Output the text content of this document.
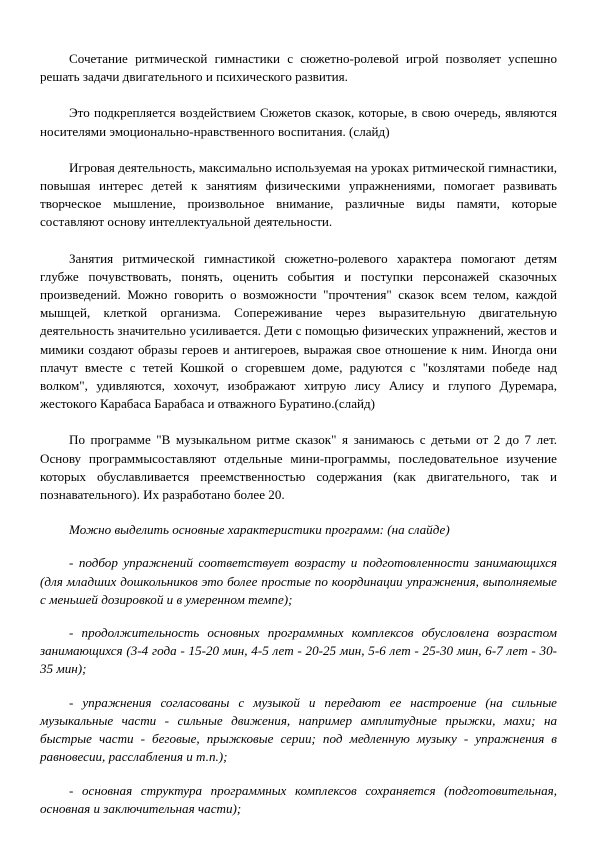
Сочетание ритмической гимнастики с сюжетно-ролевой игрой позволяет успешно решать задачи двигательного и психического развития.

Это подкрепляется воздействием Сюжетов сказок, которые, в свою очередь, являются носителями эмоционально-нравственного воспитания. (слайд)

Игровая деятельность, максимально используемая на уроках ритмической гимнастики, повышая интерес детей к занятиям физическими упражнениями, помогает развивать творческое мышление, произвольное внимание, различные виды памяти, которые составляют основу интеллектуальной деятельности.

Занятия ритмической гимнастикой сюжетно-ролевого характера помогают детям глубже почувствовать, понять, оценить события и поступки персонажей сказочных произведений. Можно говорить о возможности "прочтения" сказок всем телом, каждой мышцей, клеткой организма. Сопереживание через выразительную двигательную деятельность значительно усиливается. Дети с помощью физических упражнений, жестов и мимики создают образы героев и антигероев, выражая свое отношение к ним. Иногда они плачут вместе с тетей Кошкой о сгоревшем доме, радуются с "козлятами победе над волком", удивляются, хохочут, изображают хитрую лису Алису и глупого Дуремара, жестокого Карабаса Барабаса и отважного Буратино.(слайд)

По программе "В музыкальном ритме сказок" я занимаюсь с детьми от 2 до 7 лет. Основу программысоставляют отдельные мини-программы, последовательное изучение которых обуславливается преемственностью содержания (как двигательного, так и познавательного). Их разработано более 20.

Можно выделить основные характеристики программ: (на слайде)

- подбор упражнений соответствует возрасту и подготовленности занимающихся (для младших дошкольников это более простые по координации упражнения, выполняемые с меньшей дозировкой и в умеренном темпе);

- продолжительность основных программных комплексов обусловлена возрастом занимающихся (3-4 года - 15-20 мин, 4-5 лет - 20-25 мин, 5-6 лет - 25-30 мин, 6-7 лет - 30-35 мин);

- упражнения согласованы с музыкой и передают ее настроение (на сильные музыкальные части - сильные движения, например амплитудные прыжки, махи; на быстрые части - беговые, прыжковые серии; под медленную музыку - упражнения в равновесии, расслабления и т.п.);

- основная структура программных комплексов сохраняется (подготовительная, основная и заключительная части);
